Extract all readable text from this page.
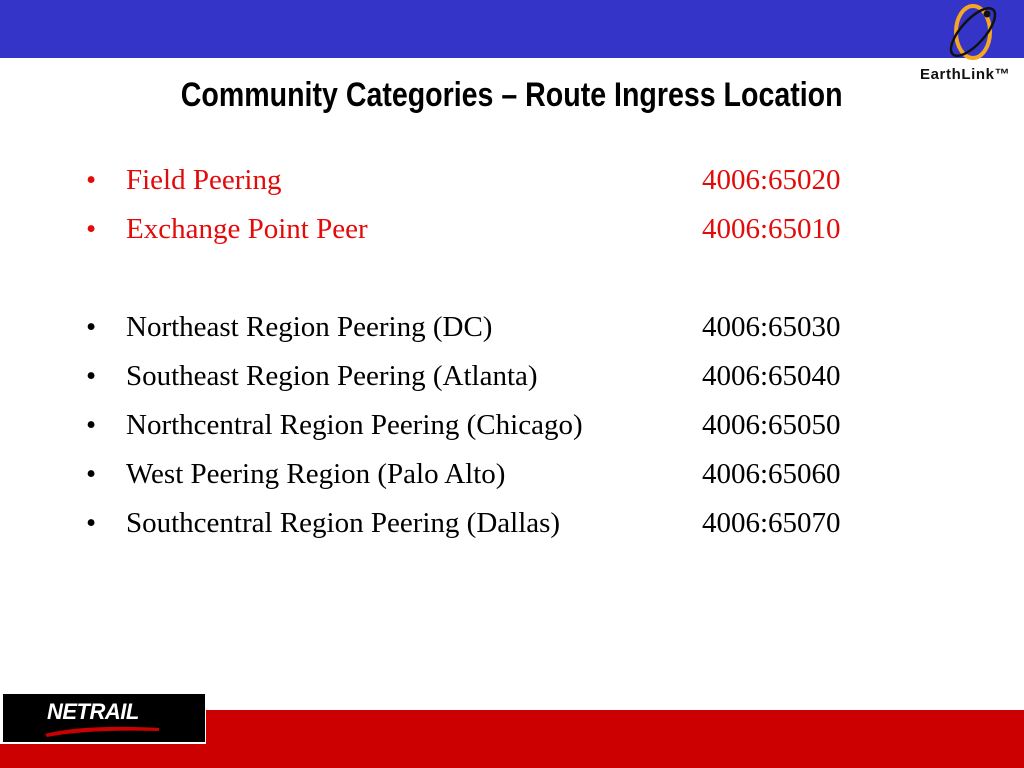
EarthLink™
Community Categories – Route Ingress Location
• Field Peering	4006:65020
• Exchange Point Peer	4006:65010
• Northeast Region Peering (DC)	4006:65030
• Southeast Region Peering (Atlanta)	4006:65040
• Northcentral Region Peering (Chicago)	4006:65050
• West Peering Region (Palo Alto)	4006:65060
• Southcentral Region Peering (Dallas)	4006:65070
NETRAIL
